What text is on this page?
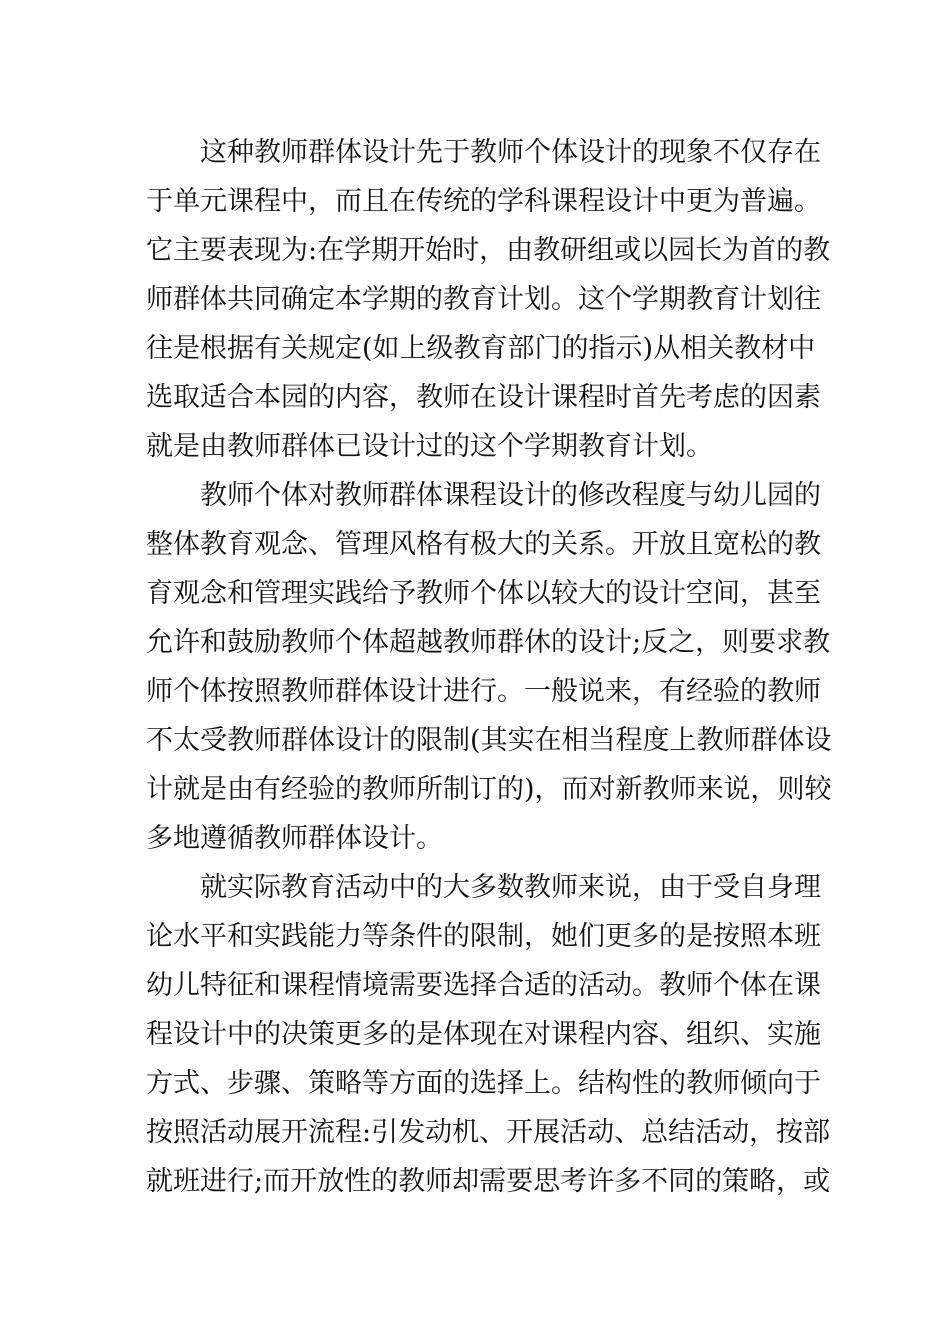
这种教师群体设计先于教师个体设计的现象不仅存在
于单元课程中，而且在传统的学科课程设计中更为普遍。
它主要表现为:在学期开始时，由教研组或以园长为首的教
师群体共同确定本学期的教育计划。这个学期教育计划往
往是根据有关规定(如上级教育部门的指示)从相关教材中
选取适合本园的内容，教师在设计课程时首先考虑的因素
就是由教师群体已设计过的这个学期教育计划。
教师个体对教师群体课程设计的修改程度与幼儿园的
整体教育观念、管理风格有极大的关系。开放且宽松的教
育观念和管理实践给予教师个体以较大的设计空间，甚至
允许和鼓励教师个体超越教师群休的设计;反之，则要求教
师个体按照教师群体设计进行。一般说来，有经验的教师
不太受教师群体设计的限制(其实在相当程度上教师群体设
计就是由有经验的教师所制订的)，而对新教师来说，则较
多地遵循教师群体设计。
就实际教育活动中的大多数教师来说，由于受自身理
论水平和实践能力等条件的限制，她们更多的是按照本班
幼儿特征和课程情境需要选择合适的活动。教师个体在课
程设计中的决策更多的是体现在对课程内容、组织、实施
方式、步骤、策略等方面的选择上。结构性的教师倾向于
按照活动展开流程:引发动机、开展活动、总结活动，按部
就班进行;而开放性的教师却需要思考许多不同的策略，或
